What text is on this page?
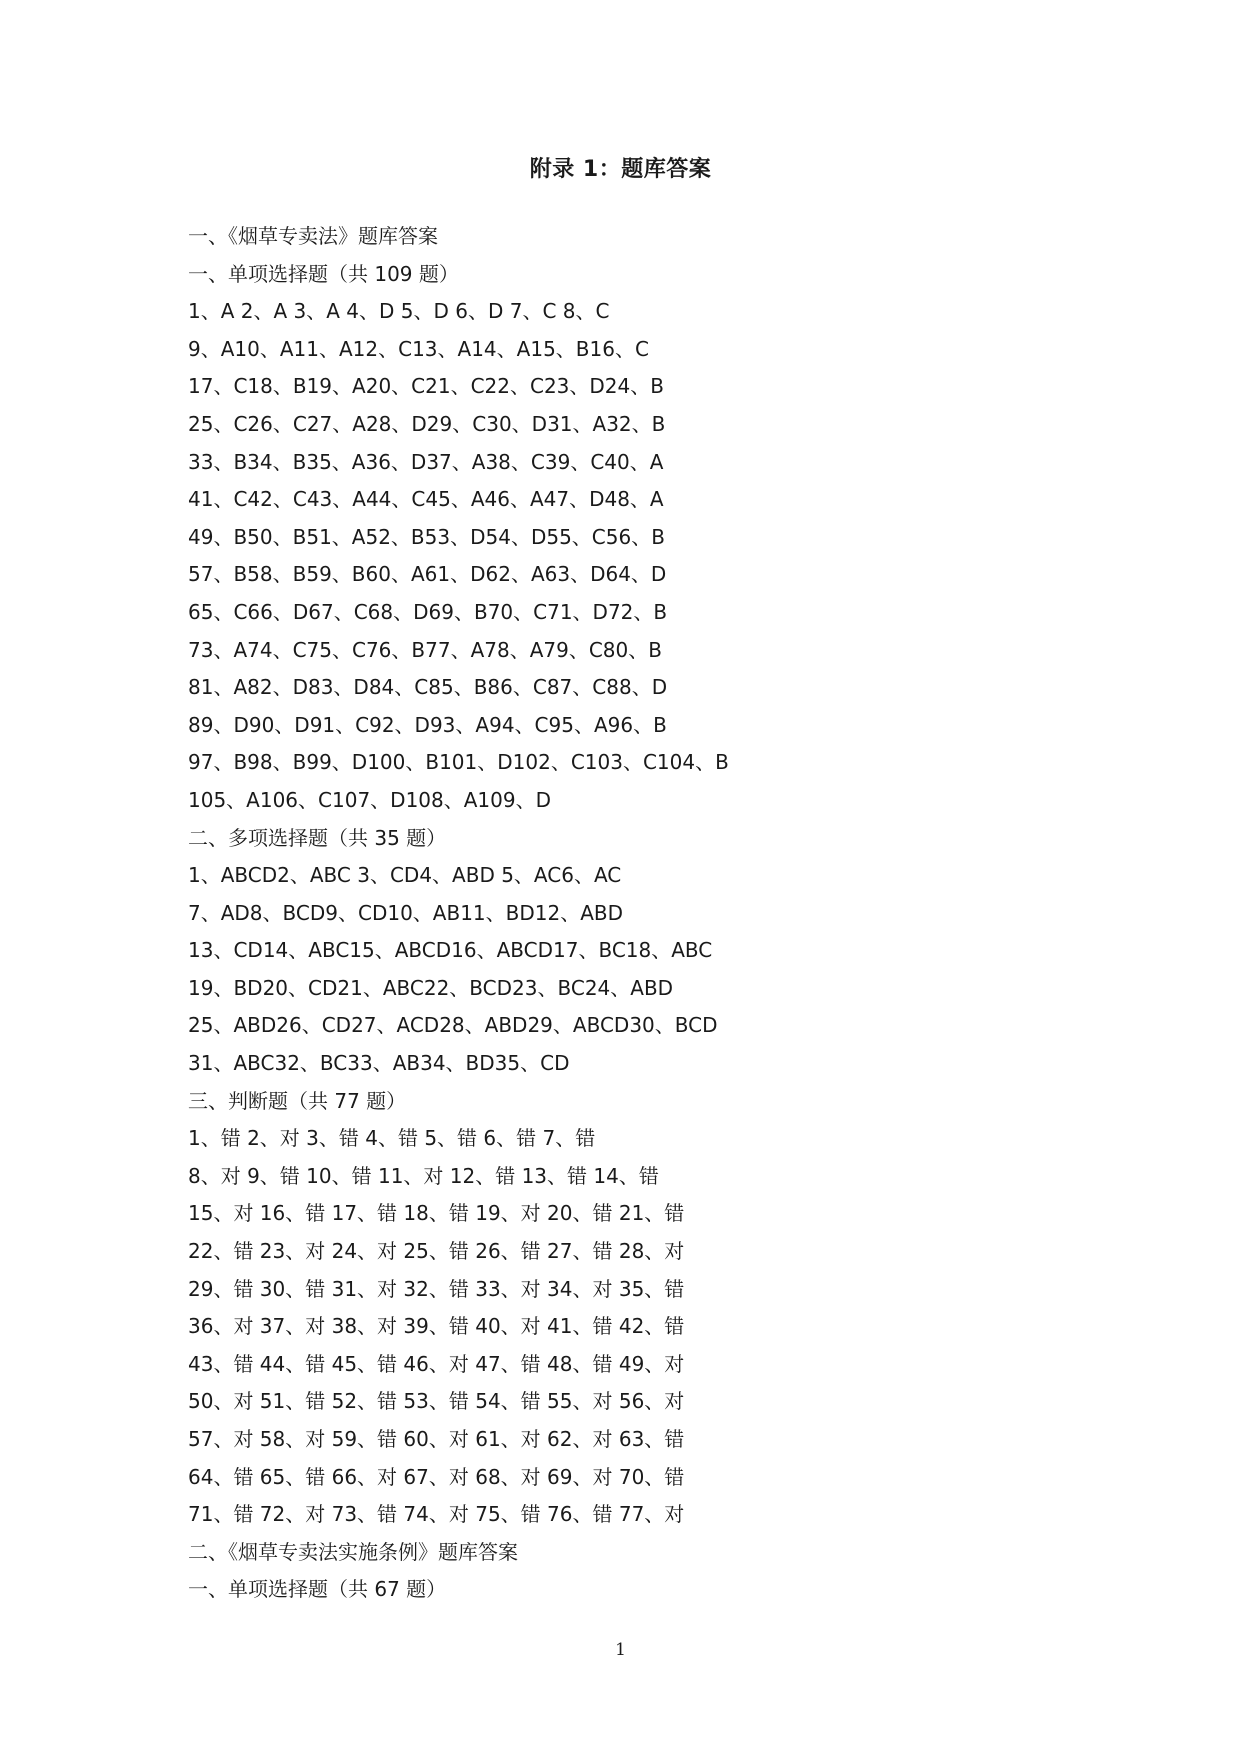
附录 1：题库答案
一、《烟草专卖法》题库答案
一、单项选择题（共 109 题）
1、A 2、A 3、A 4、D 5、D 6、D 7、C 8、C
9、A10、A11、A12、C13、A14、A15、B16、C
17、C18、B19、A20、C21、C22、C23、D24、B
25、C26、C27、A28、D29、C30、D31、A32、B
33、B34、B35、A36、D37、A38、C39、C40、A
41、C42、C43、A44、C45、A46、A47、D48、A
49、B50、B51、A52、B53、D54、D55、C56、B
57、B58、B59、B60、A61、D62、A63、D64、D
65、C66、D67、C68、D69、B70、C71、D72、B
73、A74、C75、C76、B77、A78、A79、C80、B
81、A82、D83、D84、C85、B86、C87、C88、D
89、D90、D91、C92、D93、A94、C95、A96、B
97、B98、B99、D100、B101、D102、C103、C104、B
105、A106、C107、D108、A109、D
二、多项选择题（共 35 题）
1、ABCD2、ABC 3、CD4、ABD 5、AC6、AC
7、AD8、BCD9、CD10、AB11、BD12、ABD
13、CD14、ABC15、ABCD16、ABCD17、BC18、ABC
19、BD20、CD21、ABC22、BCD23、BC24、ABD
25、ABD26、CD27、ACD28、ABD29、ABCD30、BCD
31、ABC32、BC33、AB34、BD35、CD
三、判断题（共 77 题）
1、错 2、对 3、错 4、错 5、错 6、错 7、错
8、对 9、错 10、错 11、对 12、错 13、错 14、错
15、对 16、错 17、错 18、错 19、对 20、错 21、错
22、错 23、对 24、对 25、错 26、错 27、错 28、对
29、错 30、错 31、对 32、错 33、对 34、对 35、错
36、对 37、对 38、对 39、错 40、对 41、错 42、错
43、错 44、错 45、错 46、对 47、错 48、错 49、对
50、对 51、错 52、错 53、错 54、错 55、对 56、对
57、对 58、对 59、错 60、对 61、对 62、对 63、错
64、错 65、错 66、对 67、对 68、对 69、对 70、错
71、错 72、对 73、错 74、对 75、错 76、错 77、对
二、《烟草专卖法实施条例》题库答案
一、单项选择题（共 67 题）
1
